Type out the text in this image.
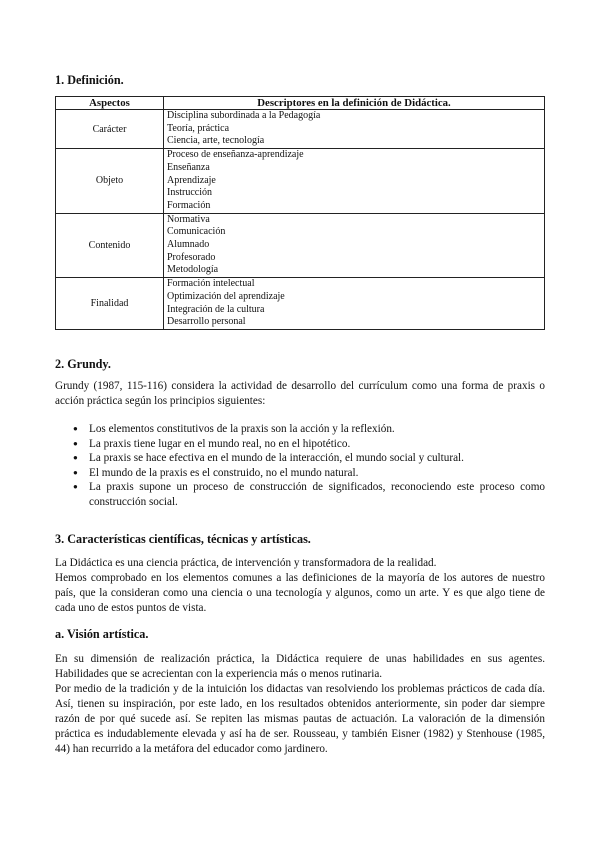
1. Definición.
Aspectos	Descriptores en la definición de Didáctica.
Carácter	Disciplina subordinada a la Pedagogía
Teoría, práctica
Ciencia, arte, tecnología

Objeto	Proceso de enseñanza-aprendizaje
Enseñanza
Aprendizaje
Instrucción
Formación

Contenido	Normativa
Comunicación
Alumnado
Profesorado
Metodología

Finalidad	Formación intelectual
Optimización del aprendizaje
Integración de la cultura
Desarrollo personal
2. Grundy.

Grundy (1987, 115-116) considera la actividad de desarrollo del currículum como una forma de praxis o acción práctica según los principios siguientes:

● Los elementos constitutivos de la praxis son la acción y la reflexión.
● La praxis tiene lugar en el mundo real, no en el hipotético.
● La praxis se hace efectiva en el mundo de la interacción, el mundo social y cultural.
● El mundo de la praxis es el construido, no el mundo natural.
● La praxis supone un proceso de construcción de significados, reconociendo este proceso como construcción social.
3. Características científicas, técnicas y artísticas.

La Didáctica es una ciencia práctica, de intervención y transformadora de la realidad.

Hemos comprobado en los elementos comunes a las definiciones de la mayoría de los autores de nuestro país, que la consideran como una ciencia o una tecnología y algunos, como un arte. Y es que algo tiene de cada uno de estos puntos de vista.

a. Visión artística.

En su dimensión de realización práctica, la Didáctica requiere de unas habilidades en sus agentes. Habilidades que se acrecientan con la experiencia más o menos rutinaria.

Por medio de la tradición y de la intuición los didactas van resolviendo los problemas prácticos de cada día. Así, tienen su inspiración, por este lado, en los resultados obtenidos anteriormente, sin poder dar siempre razón de por qué sucede así. Se repiten las mismas pautas de actuación. La valoración de la dimensión práctica es indudablemente elevada y así ha de ser. Rousseau, y también Eisner (1982) y Stenhouse (1985, 44) han recurrido a la metáfora del educador como jardinero.
